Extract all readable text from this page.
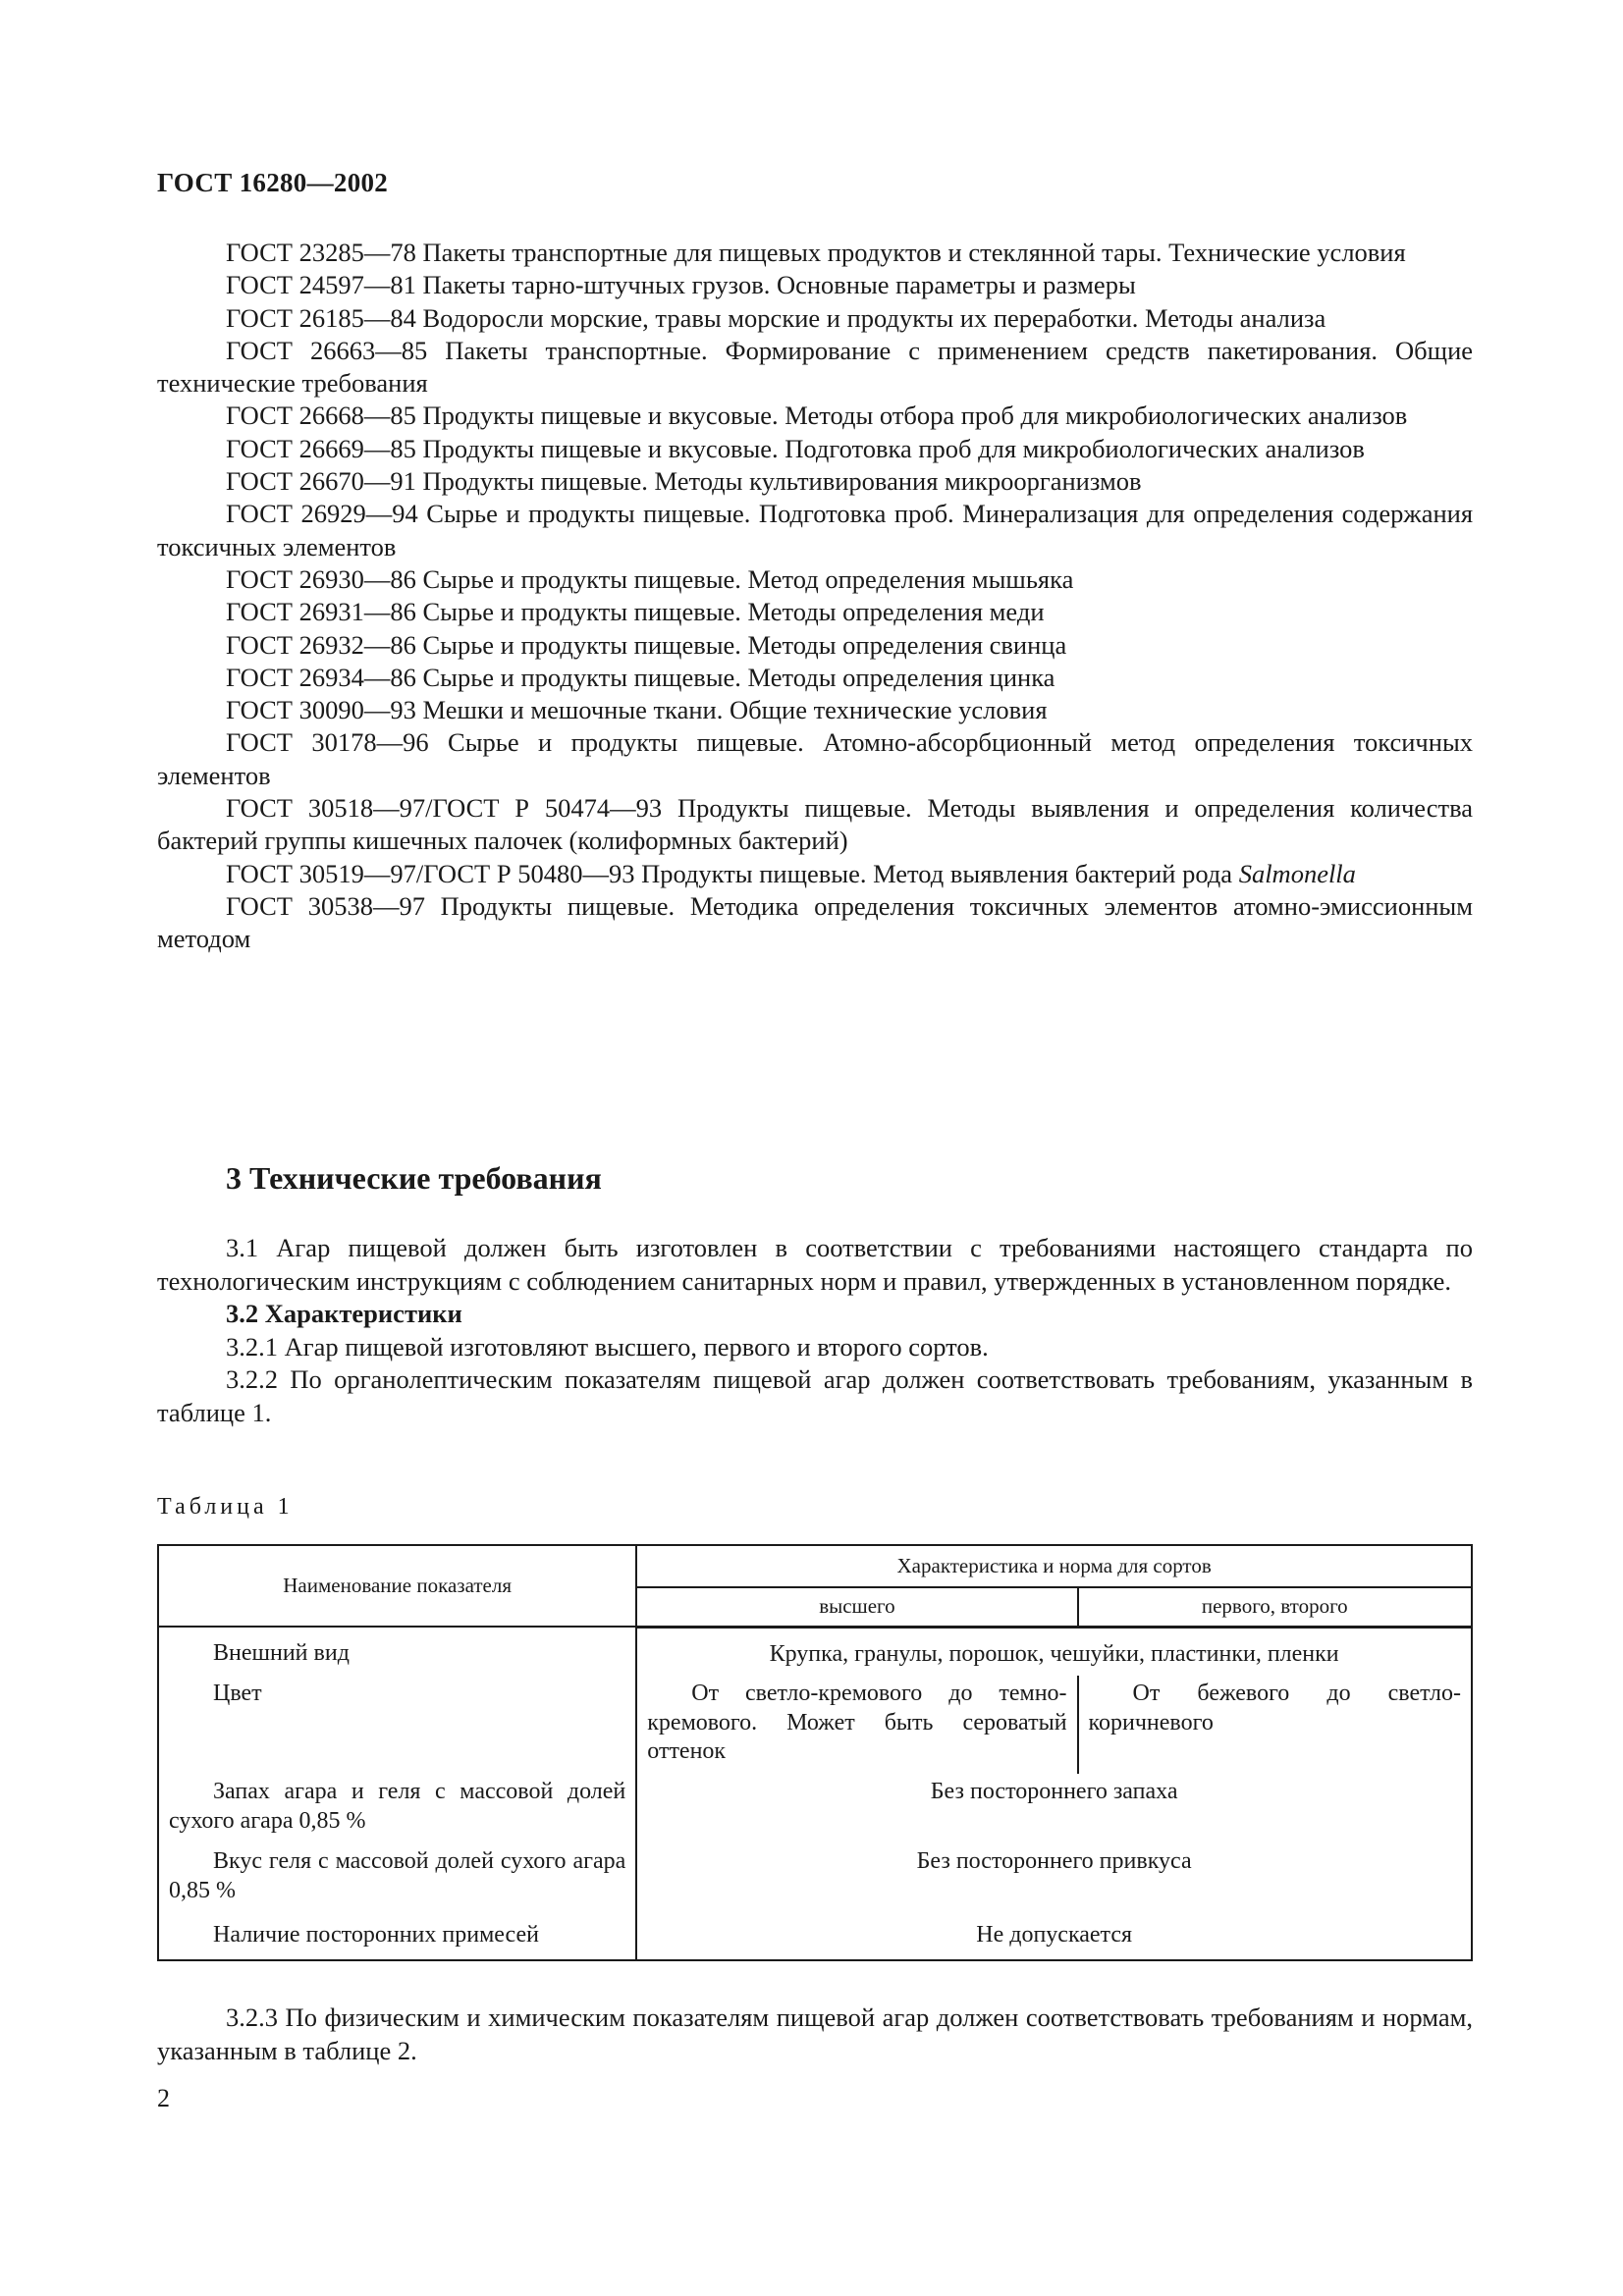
ГОСТ 16280—2002

ГОСТ 23285—78 Пакеты транспортные для пищевых продуктов и стеклянной тары. Технические условия

ГОСТ 24597—81 Пакеты тарно-штучных грузов. Основные параметры и размеры

ГОСТ 26185—84 Водоросли морские, травы морские и продукты их переработки. Методы анализа

ГОСТ 26663—85 Пакеты транспортные. Формирование с применением средств пакетирования. Общие технические требования

ГОСТ 26668—85 Продукты пищевые и вкусовые. Методы отбора проб для микробиологических анализов

ГОСТ 26669—85 Продукты пищевые и вкусовые. Подготовка проб для микробиологических анализов

ГОСТ 26670—91 Продукты пищевые. Методы культивирования микроорганизмов

ГОСТ 26929—94 Сырье и продукты пищевые. Подготовка проб. Минерализация для определения содержания токсичных элементов

ГОСТ 26930—86 Сырье и продукты пищевые. Метод определения мышьяка

ГОСТ 26931—86 Сырье и продукты пищевые. Методы определения меди

ГОСТ 26932—86 Сырье и продукты пищевые. Методы определения свинца

ГОСТ 26934—86 Сырье и продукты пищевые. Методы определения цинка

ГОСТ 30090—93 Мешки и мешочные ткани. Общие технические условия

ГОСТ 30178—96 Сырье и продукты пищевые. Атомно-абсорбционный метод определения токсичных элементов

ГОСТ 30518—97/ГОСТ Р 50474—93 Продукты пищевые. Методы выявления и определения количества бактерий группы кишечных палочек (колиформных бактерий)

ГОСТ 30519—97/ГОСТ Р 50480—93 Продукты пищевые. Метод выявления бактерий рода Salmonella

ГОСТ 30538—97 Продукты пищевые. Методика определения токсичных элементов атомно-эмиссионным методом

3 Технические требования

3.1 Агар пищевой должен быть изготовлен в соответствии с требованиями настоящего стандарта по технологическим инструкциям с соблюдением санитарных норм и правил, утвержденных в установленном порядке.

3.2 Характеристики

3.2.1 Агар пищевой изготовляют высшего, первого и второго сортов.

3.2.2 По органолептическим показателям пищевой агар должен соответствовать требованиям, указанным в таблице 1.

Таблица 1
Наименование показателя	Характеристика и норма для сортов	
	высшего	первого, второго
Внешний вид	Крупка, гранулы, порошок, чешуйки, пластинки, пленки	
Цвет	От светло-кремового до темно-кремового. Может быть сероватый оттенок	От бежевого до светло-коричневого
Запах агара и геля с массовой долей сухого агара 0,85 %	Без постороннего запаха	
Вкус геля с массовой долей сухого агара 0,85 %	Без постороннего привкуса	
Наличие посторонних примесей	Не допускается	

3.2.3 По физическим и химическим показателям пищевой агар должен соответствовать требованиям и нормам, указанным в таблице 2.

2
